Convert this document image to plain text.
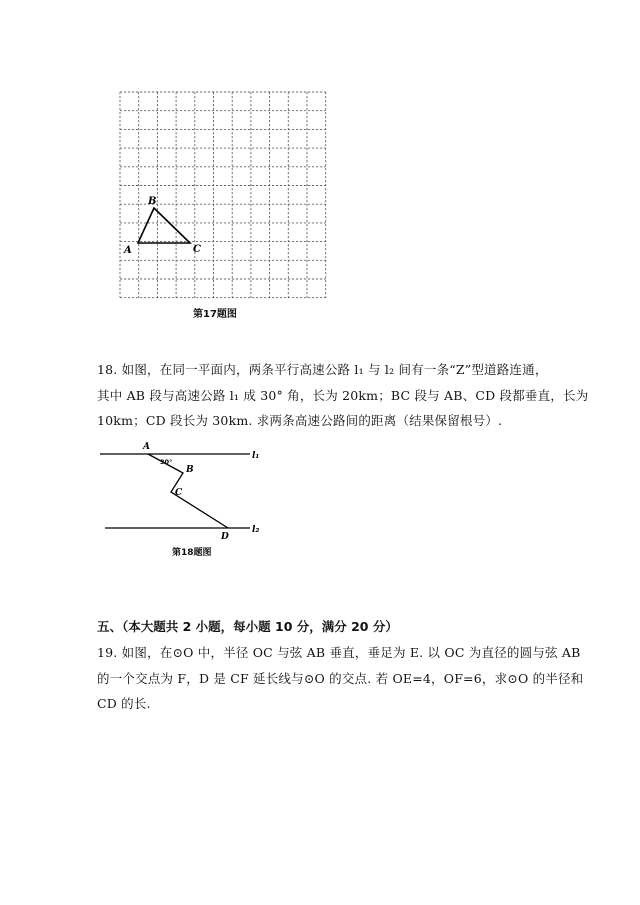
A
B
C
第17题图
18. 如图，在同一平面内，两条平行高速公路 l₁ 与 l₂ 间有一条“Z”型道路连通，
其中 AB 段与高速公路 l₁ 成 30° 角，长为 20km；BC 段与 AB、CD 段都垂直，长为
10km；CD 段长为 30km. 求两条高速公路间的距离（结果保留根号）.
A
30°
B
C
D
l₁
l₂
第18题图
五、（本大题共 2 小题，每小题 10 分，满分 20 分）
19. 如图，在⊙O 中，半径 OC 与弦 AB 垂直，垂足为 E. 以 OC 为直径的圆与弦 AB
的一个交点为 F，D 是 CF 延长线与⊙O 的交点. 若 OE=4，OF=6，求⊙O 的半径和
CD 的长.
